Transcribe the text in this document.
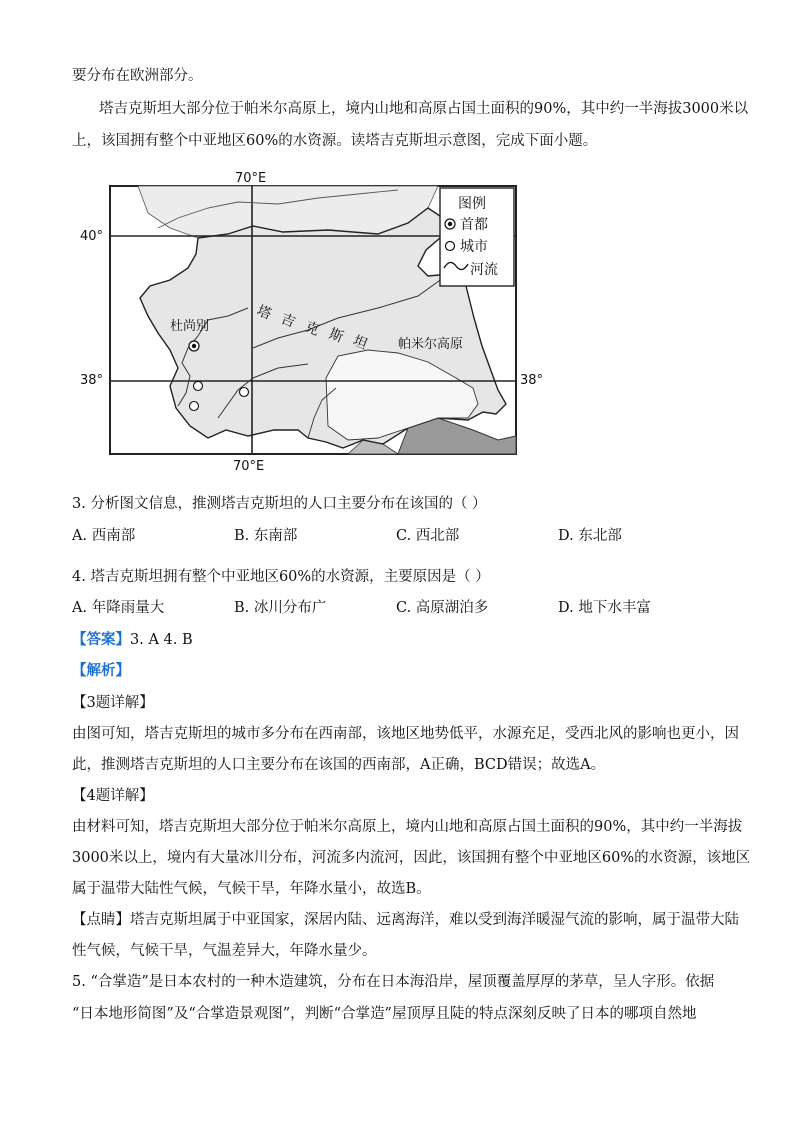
要分布在欧洲部分。
塔吉克斯坦大部分位于帕米尔高原上，境内山地和高原占国土面积的90%，其中约一半海拔3000米以
上，该国拥有整个中亚地区60%的水资源。读塔吉克斯坦示意图，完成下面小题。
图例
首都
城市
河流
70°E
70°E
40°
38°	38°
杜尚别
塔 吉 克 斯 坦 帕米尔高原
3. 分析图文信息，推测塔吉克斯坦的人口主要分布在该国的（ ）
A. 西南部	B. 东南部	C. 西北部	D. 东北部
4. 塔吉克斯坦拥有整个中亚地区60%的水资源，主要原因是（ ）
A. 年降雨量大	B. 冰川分布广	C. 高原湖泊多	D. 地下水丰富
【答案】3. A 4. B
【解析】
【3题详解】
由图可知，塔吉克斯坦的城市多分布在西南部，该地区地势低平，水源充足，受西北风的影响也更小，因
此，推测塔吉克斯坦的人口主要分布在该国的西南部，A正确，BCD错误；故选A。
【4题详解】
由材料可知，塔吉克斯坦大部分位于帕米尔高原上，境内山地和高原占国土面积的90%，其中约一半海拔
3000米以上，境内有大量冰川分布，河流多内流河，因此，该国拥有整个中亚地区60%的水资源，该地区
属于温带大陆性气候，气候干旱，年降水量小，故选B。
【点睛】塔吉克斯坦属于中亚国家，深居内陆、远离海洋，难以受到海洋暖湿气流的影响，属于温带大陆
性气候，气候干旱，气温差异大，年降水量少。
5. “合掌造”是日本农村的一种木造建筑，分布在日本海沿岸，屋顶覆盖厚厚的茅草，呈人字形。依据
“日本地形简图”及“合掌造景观图”，判断“合掌造”屋顶厚且陡的特点深刻反映了日本的哪项自然地
